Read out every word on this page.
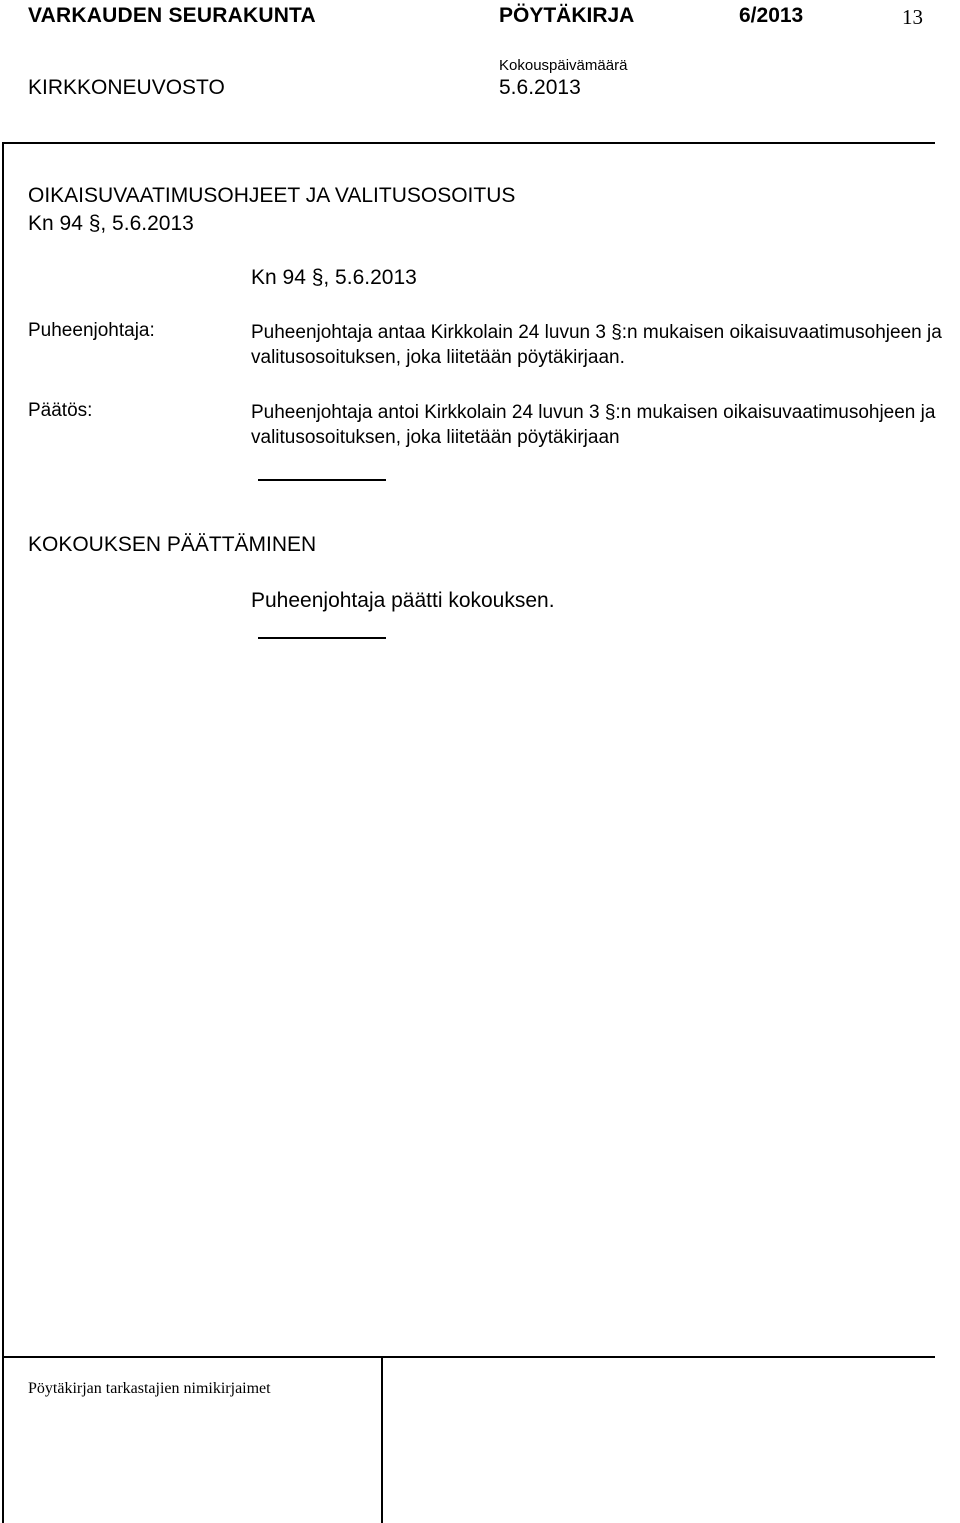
VARKAUDEN SEURAKUNTA	PÖYTÄKIRJA	6/2013	13
Kokouspäivämäärä
KIRKKONEUVOSTO	5.6.2013
OIKAISUVAATIMUSOHJEET JA VALITUSOSOITUS
Kn 94 §, 5.6.2013
Kn 94 §, 5.6.2013
Puheenjohtaja:	Puheenjohtaja antaa Kirkkolain 24 luvun 3 §:n mukaisen oikaisuvaatimusohjeen ja valitusosoituksen, joka liitetään pöytäkirjaan.
Päätös:	Puheenjohtaja antoi Kirkkolain 24 luvun 3 §:n mukaisen oikaisuvaatimusohjeen ja valitusosoituksen, joka liitetään pöytäkirjaan
KOKOUKSEN PÄÄTTÄMINEN
Puheenjohtaja päätti kokouksen.
Pöytäkirjan tarkastajien nimikirjaimet
